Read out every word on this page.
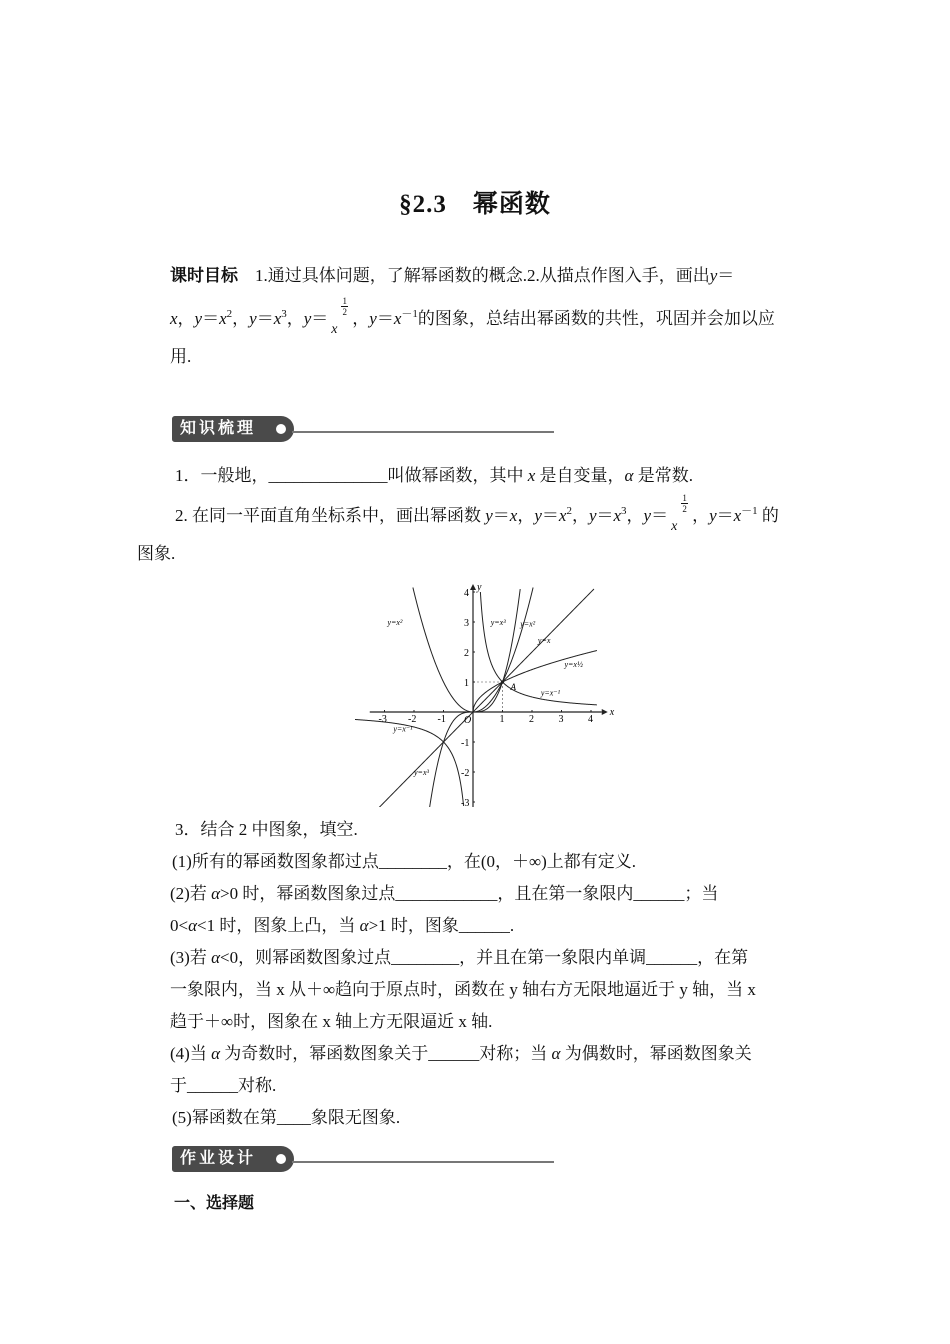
§2.3 幂函数
课时目标 1.通过具体问题，了解幂函数的概念.2.从描点作图入手，画出y＝
x，$y=x^2$，$y=x^3$，y＝
x
1
2 ，$y=x^{-1}$的图象，总结出幂函数的共性，巩固并会加以应
用.
知识梳理
1．一般地，______________叫做幂函数，其中 x 是自变量，α 是常数.
2. 在同一平面直角坐标系中，画出幂函数 y＝x，$y=x^2$，$y=x^3$，y＝
x
1
2 ，$y=x^{-1}$ 的
图象.
-3 -2 -1	1 2 3 4
4
3
2
1
-1
-2
-3
O
x
y
A
y=x²	y=x³ y=x²
y=x
y=x½
y=x⁻¹
y=x⁻¹
y=x³
3．结合 2 中图象，填空.
(1)所有的幂函数图象都过点________，在(0，＋∞)上都有定义.
(2)若 α>0 时，幂函数图象过点____________，且在第一象限内______；当
0<α<1 时，图象上凸，当 α>1 时，图象______.
(3)若 α<0，则幂函数图象过点________，并且在第一象限内单调______，在第
一象限内，当 x 从＋∞趋向于原点时，函数在 y 轴右方无限地逼近于 y 轴，当 x
趋于＋∞时，图象在 x 轴上方无限逼近 x 轴.
(4)当 α 为奇数时，幂函数图象关于______对称；当 α 为偶数时，幂函数图象关
于______对称.
(5)幂函数在第____象限无图象.
作业设计
一、选择题
